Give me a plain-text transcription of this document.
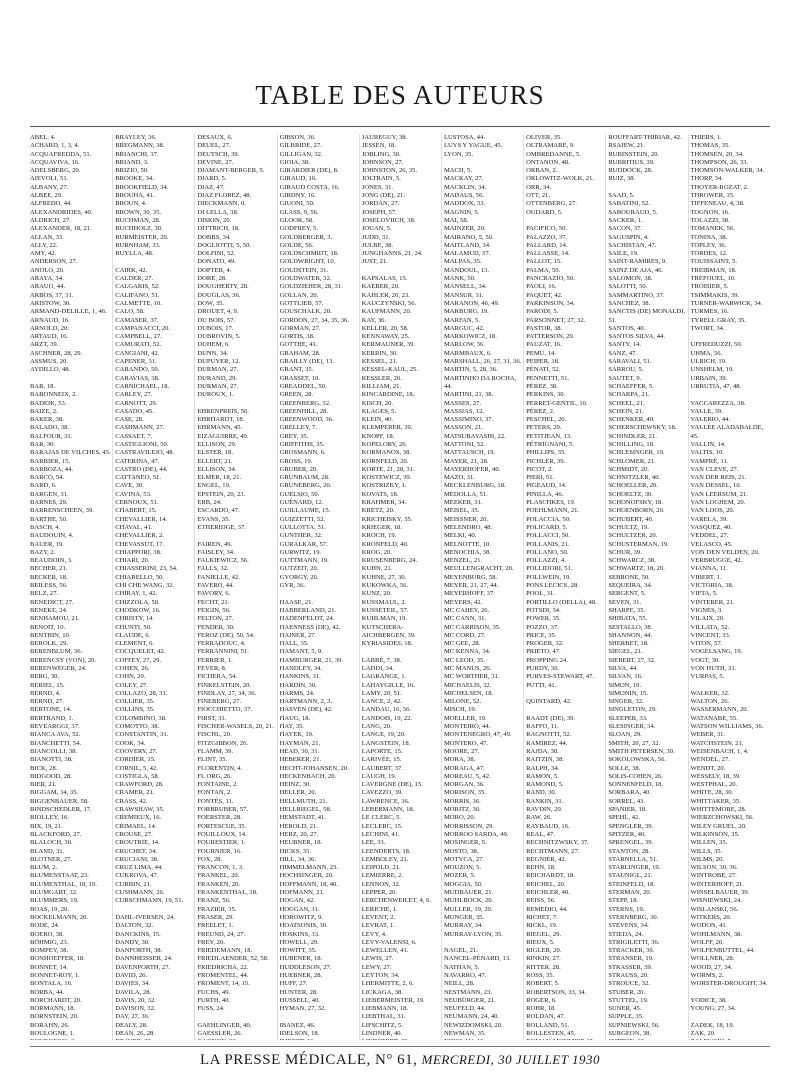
TABLE DES AUTEURS
ABEL, 4.
ACHARD, 1, 3, 4.
ACQUAFREDDA, 51.
ACQUAVIVA, 16.
ADELSBERG, 20.
AIEVOLI, 51.
ALBANY, 27.
ALBEE, 29.
ALFREDO, 44.
ALEXANDRIDES, 40.
ALDRICH, 27.
ALEXANDER, 18, 21.
ALLAN, 33.
ALLY, 22.
AMY, 42.
ANDERSON, 27.
ANOLO, 20.
ARAYA, 34.
ARAUO, 44.
ARBOS, 37, 31.
ARISTOW, 30.
ARMAND-DELILLE, 1, 46.
ARNAUD, 16.
ARNOLD, 20.
ARTAUD, 16.
ARZT, 39.
ASCHNER, 28, 29.
ASSMUS, 20.
AYDILLO, 48.

BAB, 18.
BABONNEIX, 2.
BADEIK, 53.
BAIZE, 2.
BAKER, 38.
BALADO, 38.
BALFOUR, 31.
BAR, 30.
BARAJAS DE VILCHES, 45.
BARBIER, 15.
BARBOZA, 44.
BARCO, 54.
BARD, 6.
BARGEN, 31.
BARNES, 29.
BARRENSCHEEN, 39.
BARTHE, 50.
BASCH, 4.
BAUDOUIN, 4.
BAUER, 19.
BAZY, 2.
BEAUDOIN, 3.
BECHER, 21.
BECKER, 18.
BEILESS, 56.
BELZ, 27.
BENEDICT, 27.
BENEKE, 24.
BENHAMOU, 21.
BENOIT, 10.
BENTHIN, 10.
BEROLK, 29.
BERENBLUM, 36.
BERENCSY (VON), 20.
BERENWEGER, 24.
BERG, 30.
BERIEL, 15.
BERND, 4.
BERND, 27.
BERTONE, 14.
BERTRAND, 1.
BEVEARGGI, 37.
BIANCA AVA, 52.
BIANCHETTI, 54.
BIANCOLLI, 38.
BIANOTTI, 38.
BICK, 28.
BIDGOOD, 28.
BIER, 21.
BIGGAM, 34, 35.
BIGGENBAUER, 58.
BINDSCHEDLER, 17.
BIOLLEY, 16.
BIX, 19, 21.
BLACKFORD, 27.
BLALOCH, 30.
BLAND, 31.
BLOTNER, 27.
BLUM, 2.
BLUMENSTAAT, 23.
BLUMENTHAL, 18, 19.
BLUMGART, 32.
BLUMMERS, 19.
BOAS, 19, 20.
BOCKELMANN, 20.
BODE, 24.
BOERO, 38.
BÖHMIG, 23.
BOMPEY, 38.
BONHOEFFER, 18.
BONNET, 14.
BONNET-ROY, 1.
BONTALA, 16.
BORBA, 44.
BORCHARDT, 20.
BORMANN, 18.
BORNSTEIN, 20.
BORAHN, 26.
BOULOGNE, 1.

BRAYLEY, 36.
BREGMANN, 38.
BRIANCHI, 37.
BRIAND, 3.
BRIZIO, 50.
BROOKE, 34.
BROOKFIELD, 34.
BROUHA, 41.
BROUN, 4.
BROWN, 30, 35.
BUCHMAN, 28.
BUCHHOLZ, 30.
BURMEISTER, 20.
BURNHAM, 33.
BUYLLA, 48.

CAIRK, 42.
CALDER, 27.
CALGARIS, 52.
CALIFANO, 51.
CALMETTE, 10.
CALO, 58.
CAMASER, 37.
CAMPANACCI, 20.
CAMPBELL, 27.
CAMURATI, 52.
CANGIANI, 42.
CAPENER, 31.
CARANDO, 50.
CARAVIAS, 38.
CARNICHAEL, 18.
CARLEY, 27.
CARNOTT, 29.
CASADO, 45.
CASE, 28.
CASHMANN, 27.
CASSAET, 7.
CASTIGLIONI, 50.
CASTRAVILEJO, 48.
CATERINA, 47.
CASTRO (DE), 44.
CATTANEO, 51.
CAVE, 30.
CAVINA, 53.
CERNOUX, 51.
CHABERT, 15.
CHEVALLIER, 14.
CHAVAL, 41.
CHEVALLIER, 2.
CHEVASSUT, 17.
CHIAPPORI, 38.
CHIARI, 20.
CHIASSERINI, 23, 54.
CHIARELLO, 50.
CHI CHE WANG, 32.
CHIRAY, 1, 42.
CHIZZOLA, 50.
CHODKOW, 16.
CHRISTY, 14.
CHUNTI, 50.
CLAUDE, 6.
CLEMENT, 6.
COCQUELET, 42.
COFFEY, 27, 29.
COHEN, 26.
COHN, 20.
COLEY, 27.
COLLAZO, 28, 31.
COLLIER, 35.
COLLINS, 35.
COLOMBINO, 38.
COMOTTO, 38.
CONSTANTIN, 31.
COOK, 34.
COOVERY, 27.
CORDIER, 15.
CORNIL, 5, 42.
COSTIGLA, 58.
CRAWFORD, 28.
CRAMER, 21.
CRASS, 42.
CRAWSHAW, 35.
CREMIEUX, 16.
CRIMAEL, 14.
CROUSE, 27.
CROUTRIE, 14.
CRUCHET, 34.
CRUCIANI, 38.
CRUZ LIMA, 44.
CUKROVA, 47.
CURBIN, 21.
CUSHMANN, 26.
CURSCHMANN, 19, 51.

DAHL-IVERSEN, 24.
DALTON, 32.
DANCKINS, 15.
DANDY, 30.
DANFORTH, 38.
DANNHEISSER, 24.
DAVENPORTH, 27.
DAVID, 26.
DAVIES, 34.
DAVILA, 28.
DAVIS, 20, 32.
DAVISON, 32.
DAY, 27, 36.
DEALY, 28.
DEAN, 26, 28.

DESAUX, 6.
DEUEL, 27.
DEUTSCH, 39.
DEVINE, 27.
DIAMANT-BERGER, 5.
DIARD, 5.
DIAZ, 47.
DIAZ FLOREZ, 48.
DIECKMANN, 0.
DI LELLA, 38.
DISKIN, 20.
DITTRICH, 18.
DOBBS, 34.
DOGLIOTTI, 5, 50.
DOLFINI, 52.
DONATO, 49.
DOPTER, 4.
DORE, 28.
DOUGHERTY, 28.
DOUGLAS, 36.
DOW, 35.
DROUET, 4, 9.
DU BOIS, 57.
DUBOIS, 17.
DUBROVIN, 5.
DUHEM, 6.
DUNN, 34.
DUPUYER, 12.
DURMAN, 27.
DURAND, 29.
DURMAN, 27.
DUROUX, 1.

EHRENPREIS, 56.
EHRHARDT, 18.
EHRMANN, 45.
EIZAGUIRRE, 49.
ELLISON, 29.
ELSTER, 18.
ELLERT, 21.
ELLISON, 34.
ELMER, 18, 21.
ENGEL, 19.
EPSTEIN, 20, 23.
ERB, 24.
ESCARDO, 47.
EVANS, 35.
ETHERIDGE, 37.

FAIREN, 49.
FAISLEY, 34.
FALKIEWICZ, 56.
FALLS, 32.
FANIELLE, 42.
FAVERO, 44.
FAVORY, 6.
FECHT, 21.
FEIGIN, 56.
FELTON, 27.
FENDER, 30.
FEROZ (DE), 50, 54.
FERRADOUC, 4.
FERRANNINI, 51.
FERRIER, 1.
FEVER, 8.
FICHERA, 54.
FINKELSTEIN, 20.
FINDLAY, 27, 34, 36.
FINEBERG, 27.
FIOCCHIETTO, 37.
FIRST, 31.
FISCHER-WASELS, 20, 21.
FISCHL, 20.
FITZGIBBON, 26.
FLAMM, 39.
FLINT, 35.
FLORENTIN, 4.
FL ORG, 26.
FONTAINE, 2.
FONTAN, 2.
FONTÈS, 11.
FORBRUBER, 57.
FOERSTER, 28.
FORTESCUE, 35.
FOUILLOUX, 14.
FOURESTIER, 1.
FOURNIER, 16.
FOX, 28.
FRANCON, 1, 3.
FRANKEL, 20.
FRANKEN, 20.
FRANKENTHAL, 18.
FRANZ, 56.
FRAZIER, 35.
FRASER, 29.
FREELET, 1.
FREUND, 24, 27.
FREY, 20.
FRIEDEMANN, 18.
FRIEDLAENDER, 52, 58.
FRIEDRICHA, 22.
FROMENTEL, 44.
FROMENT, 14, 15.
FUCHS, 49.
FURTH, 40.
FUSS, 24.

GAEHLINGER, 40.
GAESSLER, 26.

GIBSON, 36.
GILBRIDE, 27.
GILLIGAN, 32.
GIOIA, 38.
GIRARDIER (DE), 8.
GIRAUD, 16.
GIRAUD COSTA, 16.
GIRDNY, 16.
GIUONI, 50.
GLASS, 9, 56.
GLOOR, 58.
GODFREY, 5.
GOLDBERGER, 3.
GOLDE, 56.
GOLDSCHMIDT, 18.
GOLDWRIGHT, 10.
GOLDSTEIN, 31.
GOLDWATER, 32.
GOLDZIEHER, 28, 31.
GOLLAN, 20.
GOTTLIEB, 57.
GOUSCHALK, 20.
GORDON, 27, 34, 35, 36.
GORMAN, 27.
GORTIS, 38.
GOTTHE, 41.
GRAHAM, 28.
GRAILLY (DE), 13.
GRANT, 35.
GRASSET, 10.
GREADDEL, 50.
GREEN, 28.
GREENBERG, 32.
GREENHILL, 28.
GREENWOOD, 36.
GRELLEY, 7.
GREY, 35.
GRIFFITHS, 35.
GROSMANN, 6.
GROSS, 19.
GRUBER, 20.
GRUNBAUM, 28.
GRUNEBERG, 20.
GUELSIO, 50.
GUÉNARD, 12.
GUILLAUME, 15.
GUIZZETTI, 52.
GULLOTTA, 51.
GUNTHER, 32.
GURALKAR, 57.
GURWITZ, 19.
GUTTMANN, 19.
GUTZEIT, 20.
GYORGY, 20.
GYR, 36.

HAASE, 21.
HABBERLAND, 21.
HADENFELDT, 24.
HAENNESS (DE), 42.
HAINER, 27.
HALL, 35.
HAMANT, 5, 9.
HAMBURGER, 21, 39.
HANDLEY, 34.
HANKINS, 31.
HARDIN, 30.
HARMS, 24.
HARTMANN, 2, 3.
HASVEN (DE), 42.
HAUG, 18.
HAY, 35.
HAYEK, 19.
HAYMAN, 21.
HEAD, 30, 31.
HEBERER, 21.
HECHT-JOHANSEN, 20.
HECKENBACH, 20.
HEINZ, 30.
HELLER, 20.
HELLMUTH, 21.
HELLRIEGEL, 58.
HEMSTADT, 41.
HEROLD, 21.
HERZ, 20, 27.
HEUBNER, 18.
HICKS, 35.
HILL, 34, 36.
HIMMELMANN, 23.
HOCHSINGER, 20.
HOFFMANN, 18, 40.
HOFMANN, 21.
HOGAN, 42.
HOGGAN, 31.
HOROWITZ, 9.
HOATSONIS, 30.
HOSKINS, 33.
HOWELL, 29.
HOWITT, 35.
HUBENER, 18.
HUDDLESON, 27.
HUEBNER, 28.
HUFF, 27.
HUNTER, 28.
HUSSELL, 40.
HYMAN, 27, 32.

IBANEZ, 46.
IDELSON, 18.

JAUREGUY, 38.
JESSEN, 18.
JOBLING, 30.
JOHNSON, 27.
JOHNSTON, 26, 35.
JOLTRAIN, 5.
JONES, 31.
JONG (DE), 21.
JORDAN, 27.
JOSEPH, 57.
JOSELOVIICH, 38.
JOUAN, 5.
JUDD, 31.
JULBE, 38.
JUNGHANNS, 21, 24.
JUST, 21.

KAPSALAS, 15.
KAEBER, 20.
KAHLER, 20, 23.
KAUCZYNSKI, 56.
KAUFMANN, 20.
KAY, 36.
KELLER, 20, 58.
KENNAWAY, 25.
KERMAUNER, 39.
KERRIN, 30.
KESSEL, 21.
KESSEL-KAUL, 25.
KESSLER, 20.
KILLIAM, 21.
KINCARDINE, 18.
KISCH, 20.
KLAGES, 5.
KLEIN, 40.
KLEMPERER, 39.
KNOPF, 18.
KOPELORY, 26.
KORMANOS, 38.
KORNFELD, 20.
KORTE, 21, 28, 31.
KOSTEWICZ, 39.
KOSTRIZKY, 1.
KOVATS, 18.
KRAHMER, 34.
KRETZ, 20.
KRICHEISKY, 35.
KRIEGER, 18.
KROCH, 19.
KRONFELD, 40.
KROG, 20.
KRUSENBERG, 24.
KUHN, 21.
KUHNE, 27, 30.
KUKOWKA, 56.
KUNZ, 20.
KUSSMAUL, 2.
KUSSETEIL, 57.
KUHLMAN, 19.
KUTSCHERA-AICHBERGEN, 39.
KYRIASIDES, 18.

LABBÉ, 7, 38.
LADDI, 34.
LAGRANGE, 1.
LAHAYGILLE, 16.
LAMY, 20, 51.
LANCE, 2, 42.
LANDAU, 16, 56.
LANDOIS, 19, 22.
LANG, 20.
LANGE, 19, 20.
LANGSTEIN, 18.
LAPORTE, 15.
LARIVÉE, 15.
LAUBERT, 37.
LAUGH, 19.
LAVERGNE (DE), 15.
LAVEZZO, 39.
LAWRENCE, 36.
LEBERMANN, 18.
LE CLERC, 5.
LECLERC, 15.
LECHINI, 41.
LEE, 33.
LEENDERTS, 18.
LEMBOLEY, 21.
LEIPOLD, 21.
LEMIERRE, 2.
LENNON, 32.
LEPPER, 20.
LERCHENWEILET, 4, 6.
LERICHE, 1.
LEVENT, 2.
LEVRAT, 1.
LÉVY, 4.
LÉVY-VALENSI, 6.
LEWELLEN, 41.
LEWIS, 27.
LEWY, 27.
LEYTON, 34.
LHERMITTE, 2, 6.
LICKAGA, 38.
LIEBERMEISTER, 19.
LIEBMANN, 18.
LIEBTHAL, 31.
LIFSCHITZ, 5.
LINDNER, 40.

LUSTOSA, 44.
LUYS Y YAGUE, 45.
LYON, 35.

MACH, 5.
MACKAY, 27.
MACKLIN, 34.
MADAUS, 56.
MADDOX, 33.
MAGNIN, 5.
MAI, 58.
MAINZER, 20.
MAIRANO, 5, 50.
MAITLAND, 34.
MALAMUD, 37.
MALPAS, 35.
MANDOUL, 13.
MANK, 50.
MANSELL, 34.
MANSUR, 31.
MARANON, 46, 49.
MARBURG, 19.
MARFAN, 5.
MARGUC, 42.
MARKOWICZ, 18.
MARLOW, 36.
MARMBAUX, 6.
MARSHALL, 26, 27, 31, 36.
MARTIN, 5, 28, 36.
MARTINHO DA ROCHA, 44.
MARTINI, 21, 38.
MASSES, 27.
MASSIAS, 12.
MASSIMINO, 37.
MASSON, 21.
MATSUBAYASHI, 22.
MATTONI, 52.
MATTAUSCH, 19.
MAYER, 21, 28.
MAYERHOFER, 40.
MAZO, 31.
MECKLENBURG, 18.
MEDOLLA, 51.
MEEKER, 31.
MEISEL, 35.
MEISSNER, 20.
MELENDRO, 48.
MELKI, 40.
MELNOTTE, 10.
MENOCHIA, 38.
MENZEL, 21.
MEULLENGRACHT, 20.
MEYENBURG, 58.
MEYER, 21, 27, 44.
MEYERHOFF, 37.
MEYERS, 42.
MC CAHEY, 26.
MC CANN, 31.
MC CARRISON, 35.
MC CORD, 27.
MC GEE, 28.
MC KENNA, 34.
MC LEOD, 35.
MC MANUS, 26.
MC WORTHER, 31.
MICHAELIS, 32.
MICHELSEN, 18.
MILONE, 52.
MISCH, 19.
MOELLER, 19.
MONTEIRO, 44.
MONTENEGRO, 47, 49.
MONTERO, 47.
MOORE, 27.
MORA, 38.
MORAGA, 47.
MOREAU, 5, 42.
MORGAN, 36.
MORISON, 35.
MORRIS, 36.
MORITZ, 30.
MORO, 20.
MORRISSON, 29.
MORROO SARDA, 49.
MOSINGER, 5.
MOSTO, 38.
MOTYCA, 27.
MOUZON, 5.
MOZER, 5.
MOGGIA, 50.
MUDBAUER, 21.
MUHLBOCK, 20.
MULLER, 19, 20.
MUNGER, 35.
MURRAY, 34.
MURRAY-LYON, 35.

NAGEL, 21.
NANCEL-PÉNARD, 13.
NATHAN, 5.
NAVARRO, 47.
NEILL, 28.
NESTMANN, 23.
NEUBÜRGER, 21.
NEUFELD, 44.
NEUMANN, 24, 40.
NEWIZDOMSKI, 20.
NEWMAN, 35.

OLIVER, 35.
OLTRAMARE, 9.
OMBREDANNE, 5.
ONTANON, 48.
ORBAN, 2.
ORLOWITZ-WOLK, 21.
ORR, 34.
OTT, 21.
OTTENBERG, 27.
OUDARD, 5.

PACIFICO, 50.
PALAZZO, 37.
PALLARD, 14.
PALLASSE, 14.
PALLOT, 15.
PALMA, 50.
PANCRAZIO, 50.
PAOLI, 16.
PAQUET, 42.
PARKINSON, 34.
PARODI, 5.
PARSONNET, 27, 32.
PASTOR, 38.
PATTERSON, 29.
PAUZAT, 16.
PEMU, 14.
PEIPER, 18.
PÉNATI, 52.
PENNETTI, 51.
PÉREZ, 38.
PERKINS, 30.
PERRET-GENTIL, 10.
PÉREZ, 2.
PESCHEL, 20.
PETERS, 29.
PETITJEAN, 13.
PÉTRIGNANI, 5.
PHILLIPS, 35.
PICHLER, 39.
PICOT, 2.
PIERI, 51.
PIGEAUD, 14.
PINILLA, 46.
PLASCHKES, 19.
POEHLMANN, 21.
POLACCIA, 50.
POLICARD, 5.
POLLACCI, 50.
POLLANIS, 21.
POLLANO, 50.
POLLAZZI, 4.
POLLIDORI, 51.
POLLWEIN, 19.
PONS LECICS, 28.
POOL, 31.
PORTILLO (DELLA), 48.
POTSDI, 34.
POWER, 35.
POZZO, 37.
PRICE, 35.
PROGER, 32.
PRIETO, 47.
PROPPING 24.
PURDY, 36.
PURVES-STEWART, 47.
PUTTI, 41.

QUINTARD, 42.

RAADT (DE), 39.
RAFFO, 11.
RAGNOTTI, 52.
RAMIREZ, 44.
RAJDA, 38.
RAITZIN, 38.
RALPH, 34.
RAMON, 5.
RAMOND, 5.
RAND, 30.
RANKIN, 31.
RAVDIN, 29.
RAW, 26.
RAYBAUD, 16.
REAL, 47.
RECHNITZWSKY, 37.
RECHTMANN, 27.
REGNIER, 42.
REHN, 18.
REICHARDT, 18.
REICHEL, 20.
REICHLER, 40.
REISS, 56.
REMEDIO, 44.
RICHET, 7.
RICKL, 19.
RIEGEL, 29.
RIEUX, 5.
RIGLER, 20.
RINKIN, 27.
RITTER, 28.
ROSS, 35.
ROBERT, 5.
ROBERTSON, 33, 34.
ROGER, 6.
ROHR, 18.
ROLDAN, 47.
ROLLAND, 51.
ROLLESTEN, 45.

ROUFFART-THIRIAR, 42.
RSAJEW, 21.
RUBINSTEIN, 20.
RUBRITIUS, 39.
RUDDOCK, 28.
RUIZ, 38.

SAAD, 5.
SABATINI, 52.
SABOURAUD, 5.
SACKER, 1.
SACON, 37.
SAGUSPIN, 4.
SACHISTAN, 47.
SAILE, 19.
SAINT-RAMIRES, 9.
SAINZ DE AJA, 46.
SALOMON, 38.
SALOTTI, 50.
SAMMARTINO, 37.
SANCHEZ, 38.
SANCTIS (DE) MONALDI, 51.
SANTOS, 40.
SANTOS SILVA, 44.
SANTY, 14.
SANZ, 47.
SARAVALI, 51.
SARROU, 5.
SAUTET, 9.
SCHAEFFER, 5.
SCHARPA, 21.
SCHEEL, 21.
SCHEIN, 21.
SCHENKER, 40.
SCHERSCHEWSKY, 18.
SCHINDLER, 21.
SCHILLING, 18.
SCHLESINGER, 19.
SCHLOMER, 21.
SCHMIDT, 20.
SCHNITZLER, 40.
SCHOELLER, 20.
SCHOELTZ, 30.
SCHONOFSKY, 18.
SCHOENBORN, 20.
SCHUBERT, 40.
SCHULTZ, 19.
SCHULTZER, 20.
SCHUSTERMAN, 19.
SCHUR, 39.
SCHWARCZ, 38.
SCHWARTZ, 18, 20.
SEBRONE, 50.
SEQUEIRA, 34.
SERGENT, 5.
SEVEN, 31.
SHARPE, 35.
SHIBATA, 55.
SESTALLO, 38.
SHANNON, 44.
SHERBET, 18.
SIEGEL, 21.
SIEBERT, 27, 32.
SILVA, 44.
SILVAN, 16.
SIMON, 19.
SIMONIN, 15.
SINGER, 32.
SINGLETON, 29.
SLEEPER, 33.
SLESINGER, 34.
SLOAN, 29.
SMITH, 20, 27, 32.
SMITH PETERSEN, 30.
SOKOLOWSKA, 56.
SOLLE, 38.
SOLIS-COHEN, 26.
SONNENFELD, 18.
SORBARA, 40.
SORREL, 43.
SPANIER, 18.
SPEHL, 42.
SPENGLER, 39.
SPITZER, 40.
SPRENGEL, 39.
STANTON, 28.
STARNELLA, 51.
STARLINGER, 19.
STAUNIGL, 21.
STEINFELD, 18.
STERMAN, 20.
STEPP, 18.
STERNS, 19.
STERNBERG, 30.
STEVENS, 34.
STIEDA, 24.
STRIGILETTI, 36.
STRACKER, 39.
STRANSER, 19.
STRASSER, 39.
STRAUSS, 20.
STROUCE, 32.
STUBER, 20.
STUTTEL, 19.
SUNER, 45.
SUPPLE, 35.
SUPNIEWSKI, 56.
SURGEON, 38.

THIERS, 1.
THOMAS, 35.
THOMSEN, 20, 34.
THOMPSON, 26, 33.
THOMSON-WALKER, 34.
THORP, 34.
THOYER-ROZAT, 2.
THROWER, 35.
TIFFENEAU, 4, 38.
TOGNON, 16.
TOLAZZI, 38.
TOMANEK, 56.
TONINA, 38.
TOPLEY, 36.
TORDES, 12.
TOUISSAINT, 5.
TREIBMAN, 18.
TREFOUEL, 10.
TROISIER, 5.
TSIMMAKIS, 39.
TURNER-WARWICK, 34.
TURMES, 16.
TYRELL GRAY, 35.
TWORT, 34.

UFFREDUZZI, 50.
UHMA, 56.
ULRICH, 19.
UNSHELM, 19.
URBAIN, 39.
URRUTIA, 47, 48.

VACCAREZZA, 38.
VALLE, 39.
VALERIO, 44.
VALLÉE ALADABALDE, 45.
VALLIN, 14.
VALTIS, 10.
VAMPRÉ, 11.
VAN CLEVE, 27.
VAN DER REIS, 21.
VAN DESSEL, 10.
VAN LEERSUM, 21.
VAN LOGHEM, 20.
VAN LOOS, 20.
VARELA, 39.
VASQUEZ, 40.
VEDDEL, 27.
VELASCO, 45.
VON DEN VELDEN, 20.
VERBRUGGE, 42.
VIANNA, 11.
VIBERT, 1.
VICTORIA, 38.
VIFTA, 5.
VINTERER, 21.
VIGNES, 3.
VILAIX, 20.
VILLATA, 52.
VINCENT, 33.
VITON, 57.
VOGELSANG, 19.
VOGT, 30.
VON HUTH, 31.
VURPAS, 5.

WALKER, 32.
WALTON, 26.
WASSERMANN, 20.
WATANABE, 55.
WATSON WILLIAMS, 36.
WEBER, 31.
WATCHSTEIN, 21.
WEISENBACH, 1, 4.
WENDEL, 27.
WENDT, 20.
WESSELY, 18, 39.
WESTPHAL, 20.
WHITE, 28, 30.
WHITTAKER, 35.
WHITTEMORE, 28.
WIERZCHOWSKI, 56.
WILEY GRUEL, 20.
WILKINSON, 35.
WILLEN, 35.
WILLS, 35.
WILMS, 20.
WILSON, 30, 36.
WINTROBE, 27.
WINTERHOFF, 21.
WINSELBAUER, 39.
WISNIEWSKI, 24.
WISLANSKI, 56.
WITKERS, 20.
WODON, 41.
WOHLMANN, 38.
WOLFF, 20.
WOLFENBUTTEL, 44.
WOLLNER, 28.
WOOD, 27, 34.
WORMS, 2.
WORSTER-DROUGHT, 34.

YODICE, 38.
YOUNG, 27, 34.

ZADEK, 18, 19.
ZAK, 20.

LA PRESSE MÉDICALE, N° 61, MERCREDI, 30 JUILLET 1930
